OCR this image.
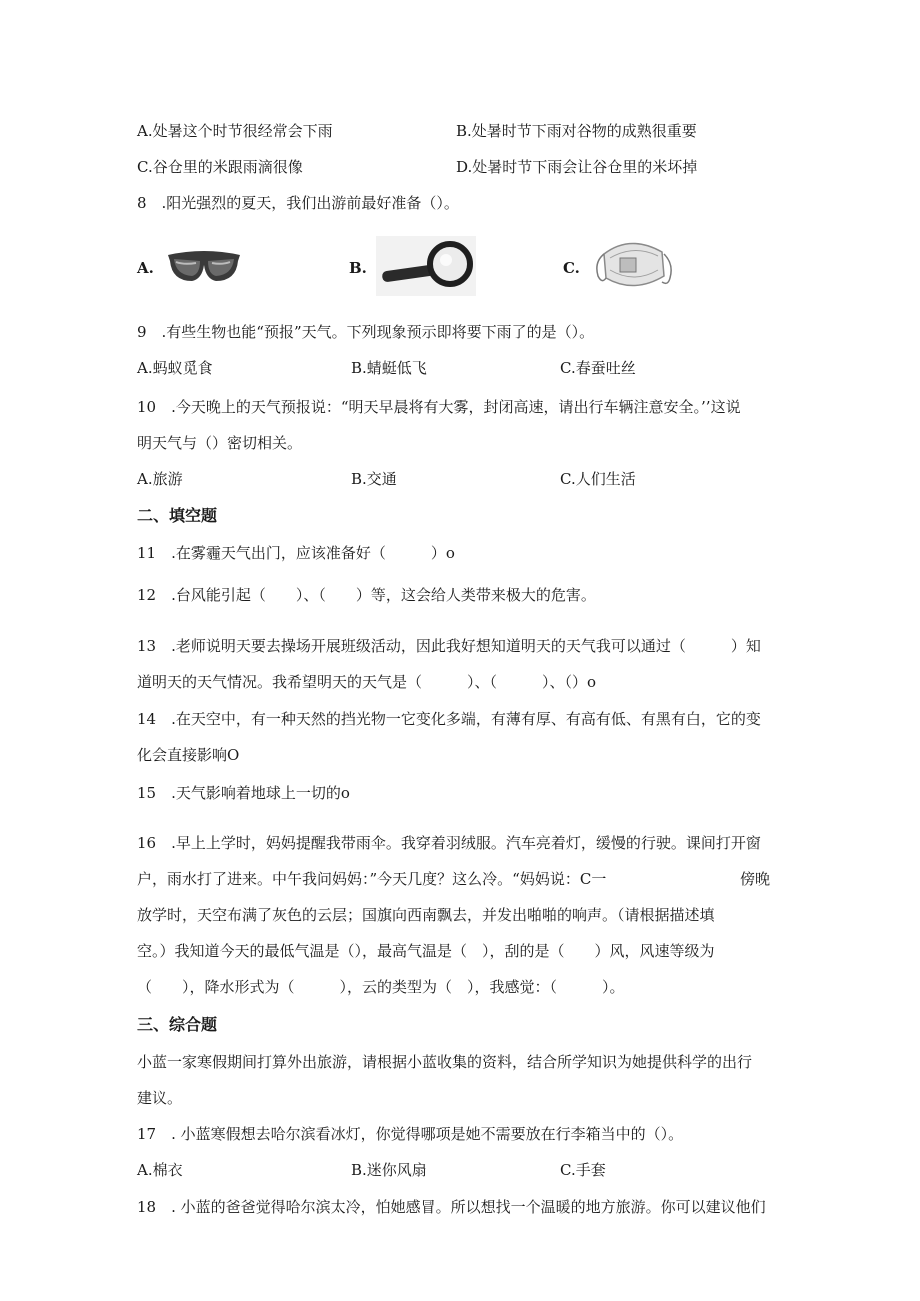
A.处暑这个时节很经常会下雨	B.处暑时节下雨对谷物的成熟很重要
C.谷仓里的米跟雨滴很像	D.处暑时节下雨会让谷仓里的米坏掉
8　.阳光强烈的夏天，我们出游前最好准备（）。
A.	B.	C.
9　.有些生物也能“预报”天气。下列现象预示即将要下雨了的是（）。
A.蚂蚁觅食	B.蜻蜓低飞	C.春蚕吐丝
10　.今天晚上的天气预报说：“明天早晨将有大雾，封闭高速，请出行车辆注意安全。’’这说
明天气与（）密切相关。
A.旅游	B.交通	C.人们生活
二、填空题
11　.在雾霾天气出门，应该准备好（　　　）o
12　.台风能引起（　　）、（　　）等，这会给人类带来极大的危害。
13　.老师说明天要去操场开展班级活动，因此我好想知道明天的天气我可以通过（　　　）知
道明天的天气情况。我希望明天的天气是（　　　）、（　　　）、（）o
14　.在天空中，有一种天然的挡光物一它变化多端，有薄有厚、有高有低、有黑有白，它的变
化会直接影响O
15　.天气影响着地球上一切的o
16　.早上上学时，妈妈提醒我带雨伞。我穿着羽绒服。汽车亮着灯，缓慢的行驶。课间打开窗
户，雨水打了进来。中午我问妈妈：”今天几度？这么冷。“妈妈说：C一	傍晚
放学时，天空布满了灰色的云层；国旗向西南飘去，并发出啪啪的响声。（请根据描述填
空。）我知道今天的最低气温是（），最高气温是（　），刮的是（　　）风，风速等级为
（　　），降水形式为（　　　），云的类型为（　），我感觉：（　　　）。
三、综合题
小蓝一家寒假期间打算外出旅游，请根据小蓝收集的资料，结合所学知识为她提供科学的出行
建议。
17　. 小蓝寒假想去哈尔滨看冰灯，你觉得哪项是她不需要放在行李箱当中的（）。
A.棉衣	B.迷你风扇	C.手套
18　. 小蓝的爸爸觉得哈尔滨太冷，怕她感冒。所以想找一个温暖的地方旅游。你可以建议他们
